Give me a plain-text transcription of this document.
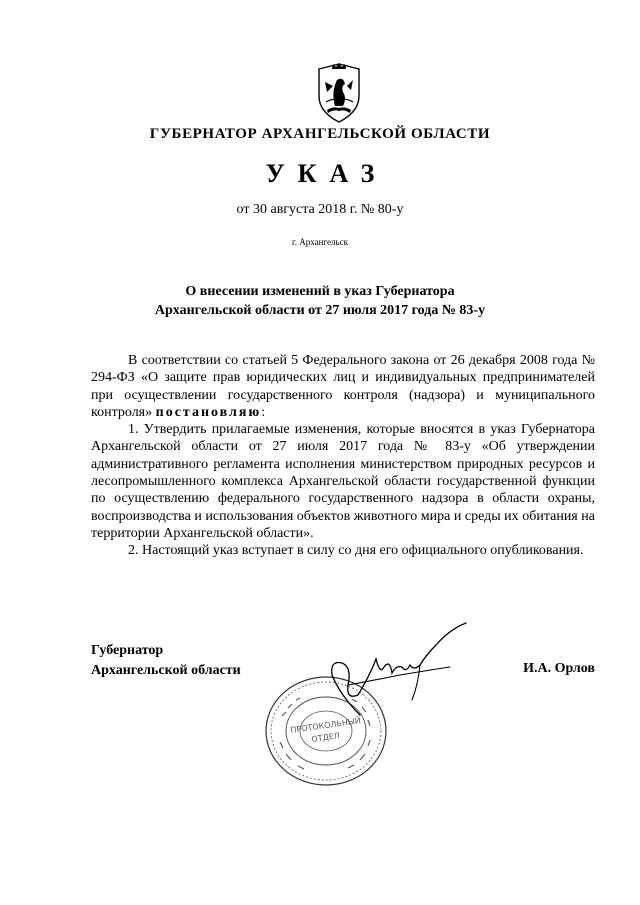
ГУБЕРНАТОР АРХАНГЕЛЬСКОЙ ОБЛАСТИ
УКАЗ
от 30 августа 2018 г. № 80-у
г. Архангельск
О внесении изменений в указ Губернатора
Архангельской области от 27 июля 2017 года № 83-у

В соответствии со статьей 5 Федерального закона от 26 декабря 2008 года № 294-ФЗ «О защите прав юридических лиц и индивидуальных предпринимателей при осуществлении государственного контроля (надзора) и муниципального контроля» постановляю:

1. Утвердить прилагаемые изменения, которые вносятся в указ Губернатора Архангельской области от 27 июля 2017 года № 83-у «Об утверждении административного регламента исполнения министерством природных ресурсов и лесопромышленного комплекса Архангельской области государственной функции по осуществлению федерального государственного надзора в области охраны, воспроизводства и использования объектов животного мира и среды их обитания на территории Архангельской области».

2. Настоящий указ вступает в силу со дня его официального опубликования.

Губернатор
Архангельской области	И.А. Орлов
ПРОТОКОЛЬНЫЙ
ОТДЕЛ
